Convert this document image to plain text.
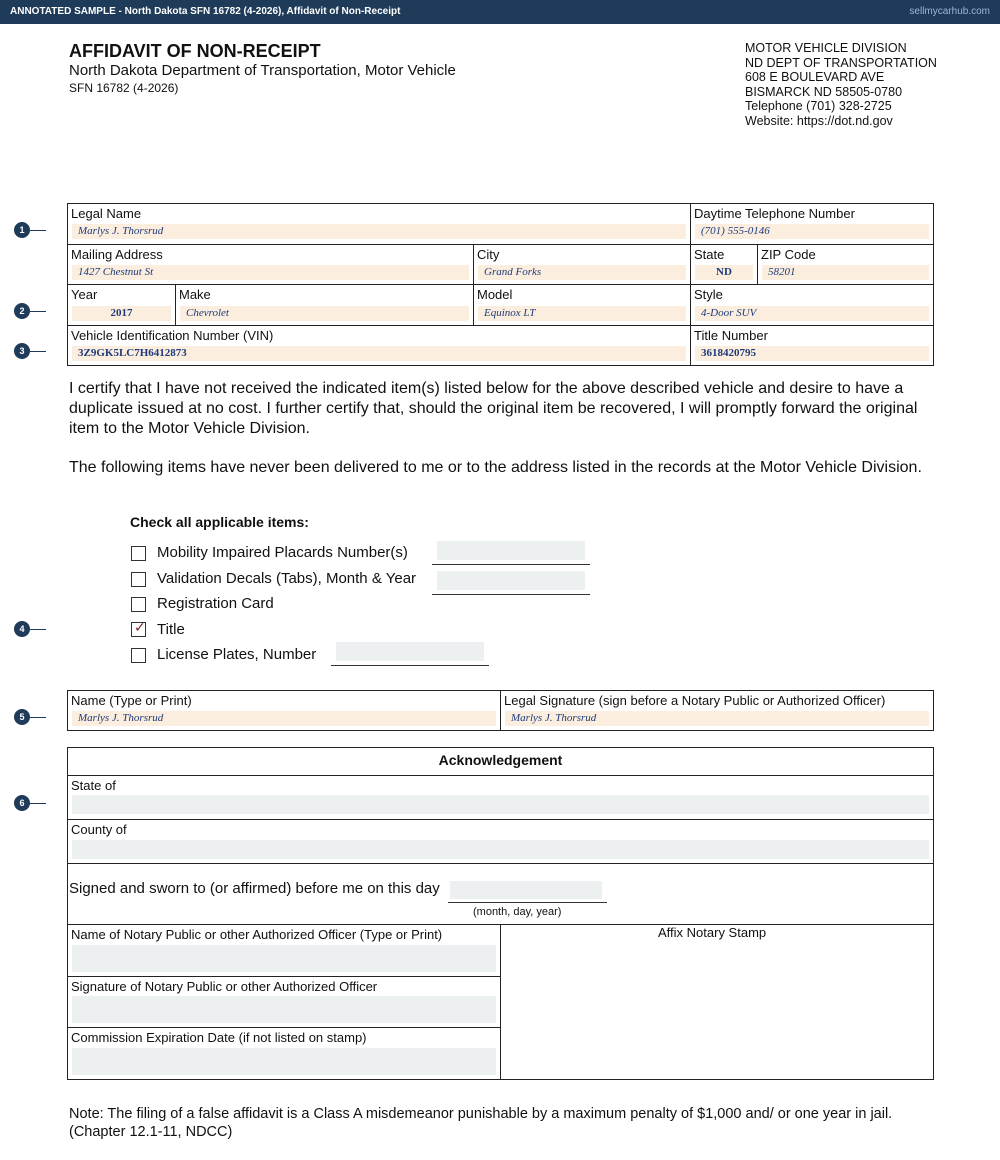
ANNOTATED SAMPLE - North Dakota SFN 16782 (4-2026), Affidavit of Non-Receipt	sellmycarhub.com
AFFIDAVIT OF NON-RECEIPT
North Dakota Department of Transportation, Motor Vehicle
SFN 16782 (4-2026)
MOTOR VEHICLE DIVISION
ND DEPT OF TRANSPORTATION
608 E BOULEVARD AVE
BISMARCK ND 58505-0780
Telephone (701) 328-2725
Website: https://dot.nd.gov
1
2
3
4
5
6
Legal Name
Marlys J. Thorsrud
Daytime Telephone Number
(701) 555-0146
Mailing Address
1427 Chestnut St
City
Grand Forks
State
ND
ZIP Code
58201
Year
2017
Make
Chevrolet
Model
Equinox LT
Style
4-Door SUV
Vehicle Identification Number (VIN)
3Z9GK5LC7H6412873
Title Number
3618420795
I certify that I have not received the indicated item(s) listed below for the above described vehicle and desire to have a duplicate issued at no cost. I further certify that, should the original item be recovered, I will promptly forward the original item to the Motor Vehicle Division.
The following items have never been delivered to me or to the address listed in the records at the Motor Vehicle Division.
Check all applicable items:
Mobility Impaired Placards Number(s)
Validation Decals (Tabs), Month & Year
Registration Card
✓ Title
License Plates, Number
Name (Type or Print)
Marlys J. Thorsrud
Legal Signature (sign before a Notary Public or Authorized Officer)
Marlys J. Thorsrud
Acknowledgement
State of
County of
Signed and sworn to (or affirmed) before me on this day
(month, day, year)
Name of Notary Public or other Authorized Officer (Type or Print)
Signature of Notary Public or other Authorized Officer
Commission Expiration Date (if not listed on stamp)
Affix Notary Stamp
Note: The filing of a false affidavit is a Class A misdemeanor punishable by a maximum penalty of $1,000 and/ or one year in jail. (Chapter 12.1-11, NDCC)
